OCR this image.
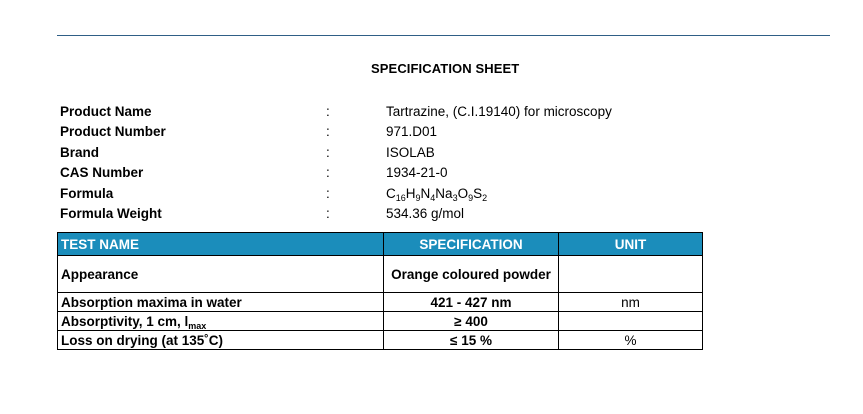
SPECIFICATION SHEET
Product Name	:	Tartrazine, (C.I.19140) for microscopy
Product Number	:	971.D01
Brand	:	ISOLAB
CAS Number	:	1934-21-0
Formula	:	$C_{16}H_9N_4Na_3O_9S_2$
Formula Weight	:	534.36 g/mol
TEST NAME	SPECIFICATION	UNIT
Appearance	Orange coloured powder	
Absorption maxima in water	421 - 427 nm	nm
Absorptivity, 1 cm, $l_{max}$	≥ 400	
Loss on drying (at 135˚C)	≤ 15 %	%
